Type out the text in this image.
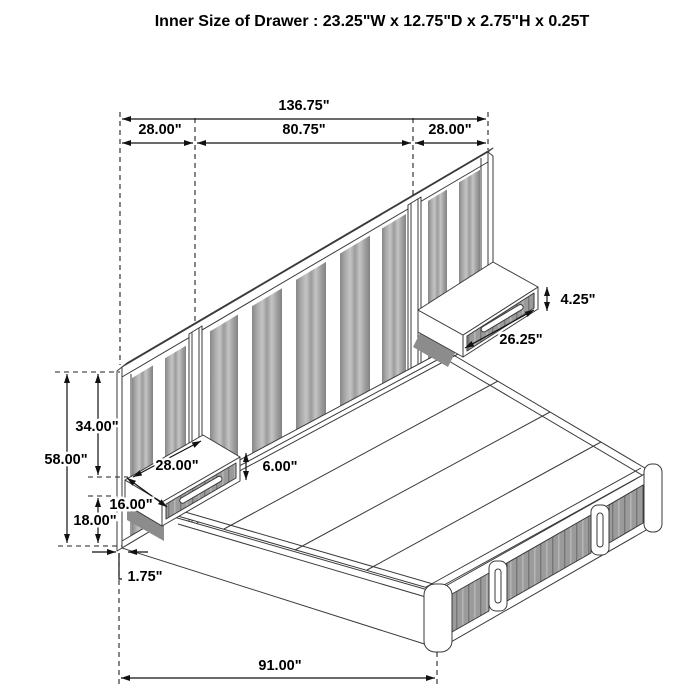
136.75"
28.00"	80.75"	28.00"
58.00"
34.00"
18.00"
28.00"
16.00"
6.00"
4.25"
26.25"
1.75"
91.00"
Inner Size of Drawer : 23.25"W x 12.75"D x 2.75"H x 0.25T
